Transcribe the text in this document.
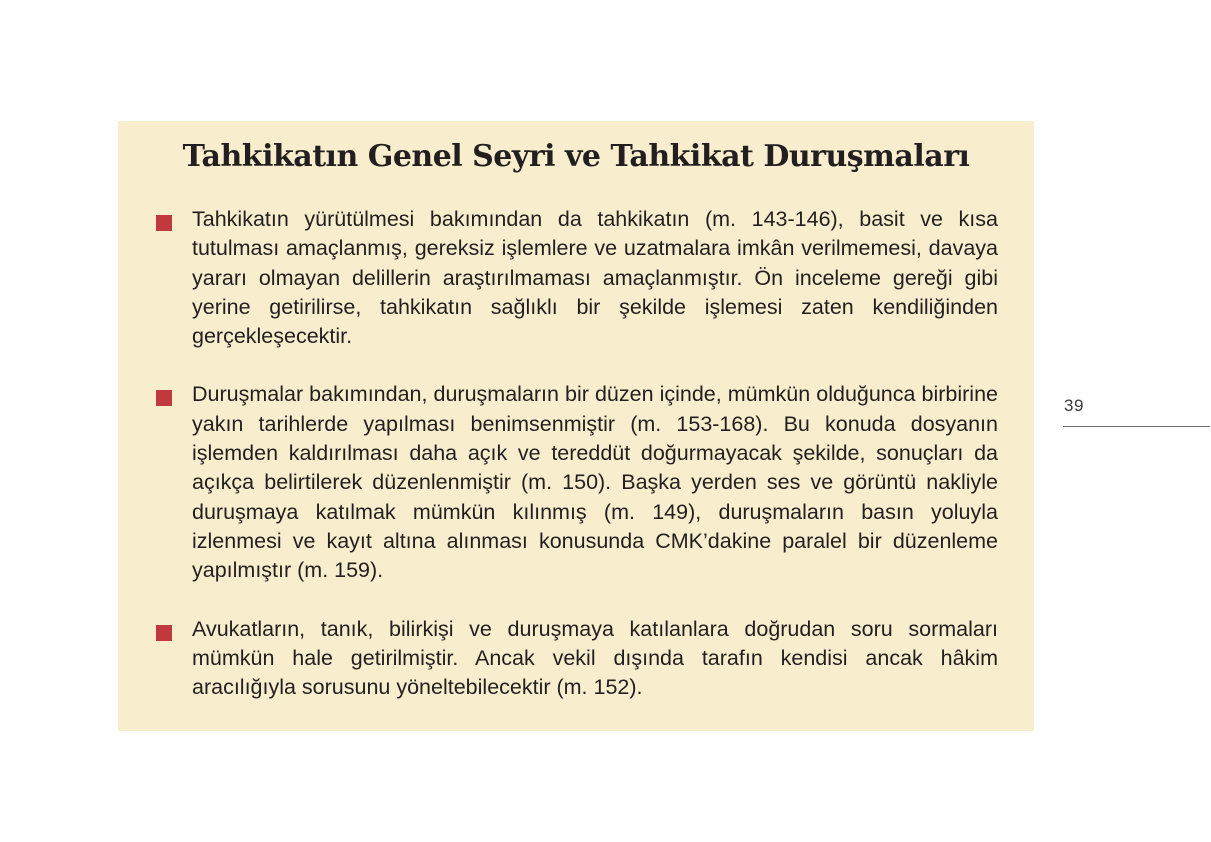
Tahkikatın Genel Seyri ve Tahkikat Duruşmaları
Tahkikatın yürütülmesi bakımından da tahkikatın (m. 143-146), basit ve kısa tutulması amaçlanmış, gereksiz işlemlere ve uzatmalara imkân verilmemesi, davaya yararı olmayan delillerin araştırılmaması amaçlanmıştır. Ön inceleme gereği gibi yerine getirilirse, tahkikatın sağlıklı bir şekilde işlemesi zaten kendiliğinden gerçekleşecektir.
Duruşmalar bakımından, duruşmaların bir düzen içinde, mümkün olduğunca birbirine yakın tarihlerde yapılması benimsenmiştir (m. 153-168). Bu konuda dosyanın işlemden kaldırılması daha açık ve tereddüt doğurmayacak şekilde, sonuçları da açıkça belirtilerek düzenlenmiştir (m. 150). Başka yerden ses ve görüntü nakliyle duruşmaya katılmak mümkün kılınmış (m. 149), duruşmaların basın yoluyla izlenmesi ve kayıt altına alınması konusunda CMK’dakine paralel bir düzenleme yapılmıştır (m. 159).
Avukatların, tanık, bilirkişi ve duruşmaya katılanlara doğrudan soru sormaları mümkün hale getirilmiştir. Ancak vekil dışında tarafın kendisi ancak hâkim aracılığıyla sorusunu yöneltebilecektir (m. 152).
39
